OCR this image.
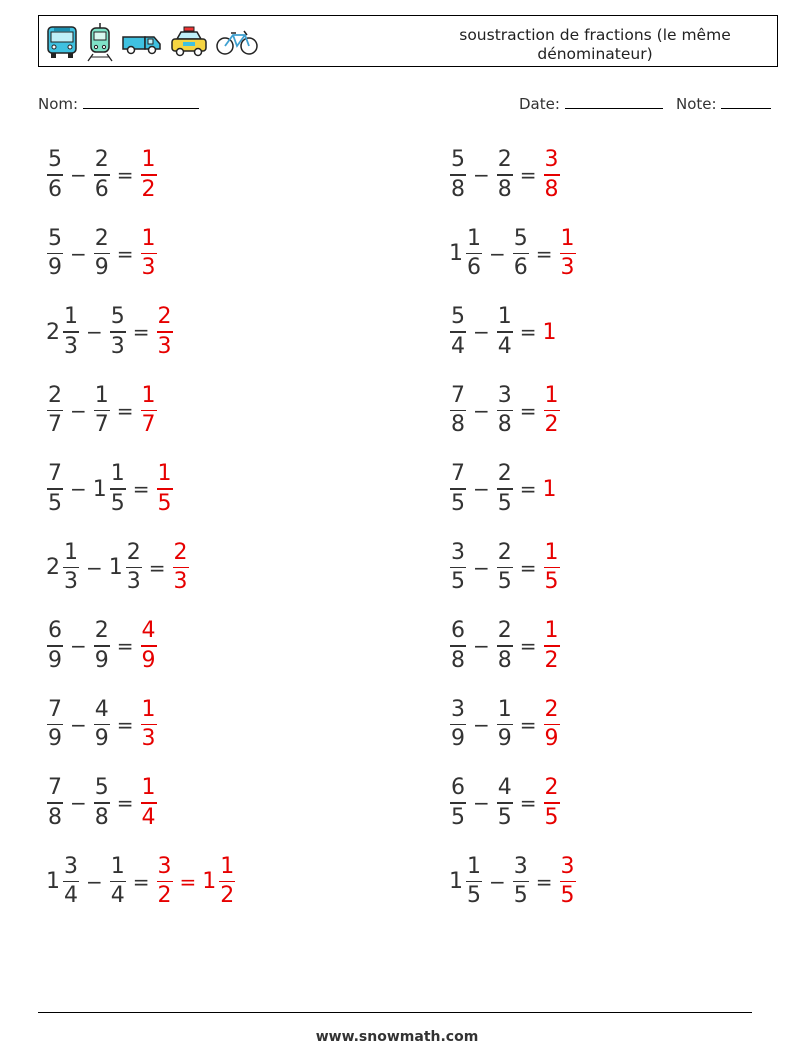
soustraction de fractions (le même
dénominateur)
Nom:	Date:	Note:
$\frac{5}{6} - \frac{2}{6} = \frac{1}{2}$
$\frac{5}{9} - \frac{2}{9} = \frac{1}{3}$
$2 \frac{1}{3} - \frac{5}{3} = \frac{2}{3}$
$\frac{2}{7} - \frac{1}{7} = \frac{1}{7}$
$\frac{7}{5} - 1 \frac{1}{5} = \frac{1}{5}$
$2 \frac{1}{3} - 1 \frac{2}{3} = \frac{2}{3}$
$\frac{6}{9} - \frac{2}{9} = \frac{4}{9}$
$\frac{7}{9} - \frac{4}{9} = \frac{1}{3}$
$\frac{7}{8} - \frac{5}{8} = \frac{1}{4}$
$1 \frac{3}{4} - \frac{1}{4} = \frac{3}{2} = 1 \frac{1}{2}$
$\frac{5}{8} - \frac{2}{8} = \frac{3}{8}$
$1 \frac{1}{6} - \frac{5}{6} = \frac{1}{3}$
$\frac{5}{4} - \frac{1}{4} = 1$
$\frac{7}{8} - \frac{3}{8} = \frac{1}{2}$
$\frac{7}{5} - \frac{2}{5} = 1$
$\frac{3}{5} - \frac{2}{5} = \frac{1}{5}$
$\frac{6}{8} - \frac{2}{8} = \frac{1}{2}$
$\frac{3}{9} - \frac{1}{9} = \frac{2}{9}$
$\frac{6}{5} - \frac{4}{5} = \frac{2}{5}$
$1 \frac{1}{5} - \frac{3}{5} = \frac{3}{5}$
www.snowmath.com
